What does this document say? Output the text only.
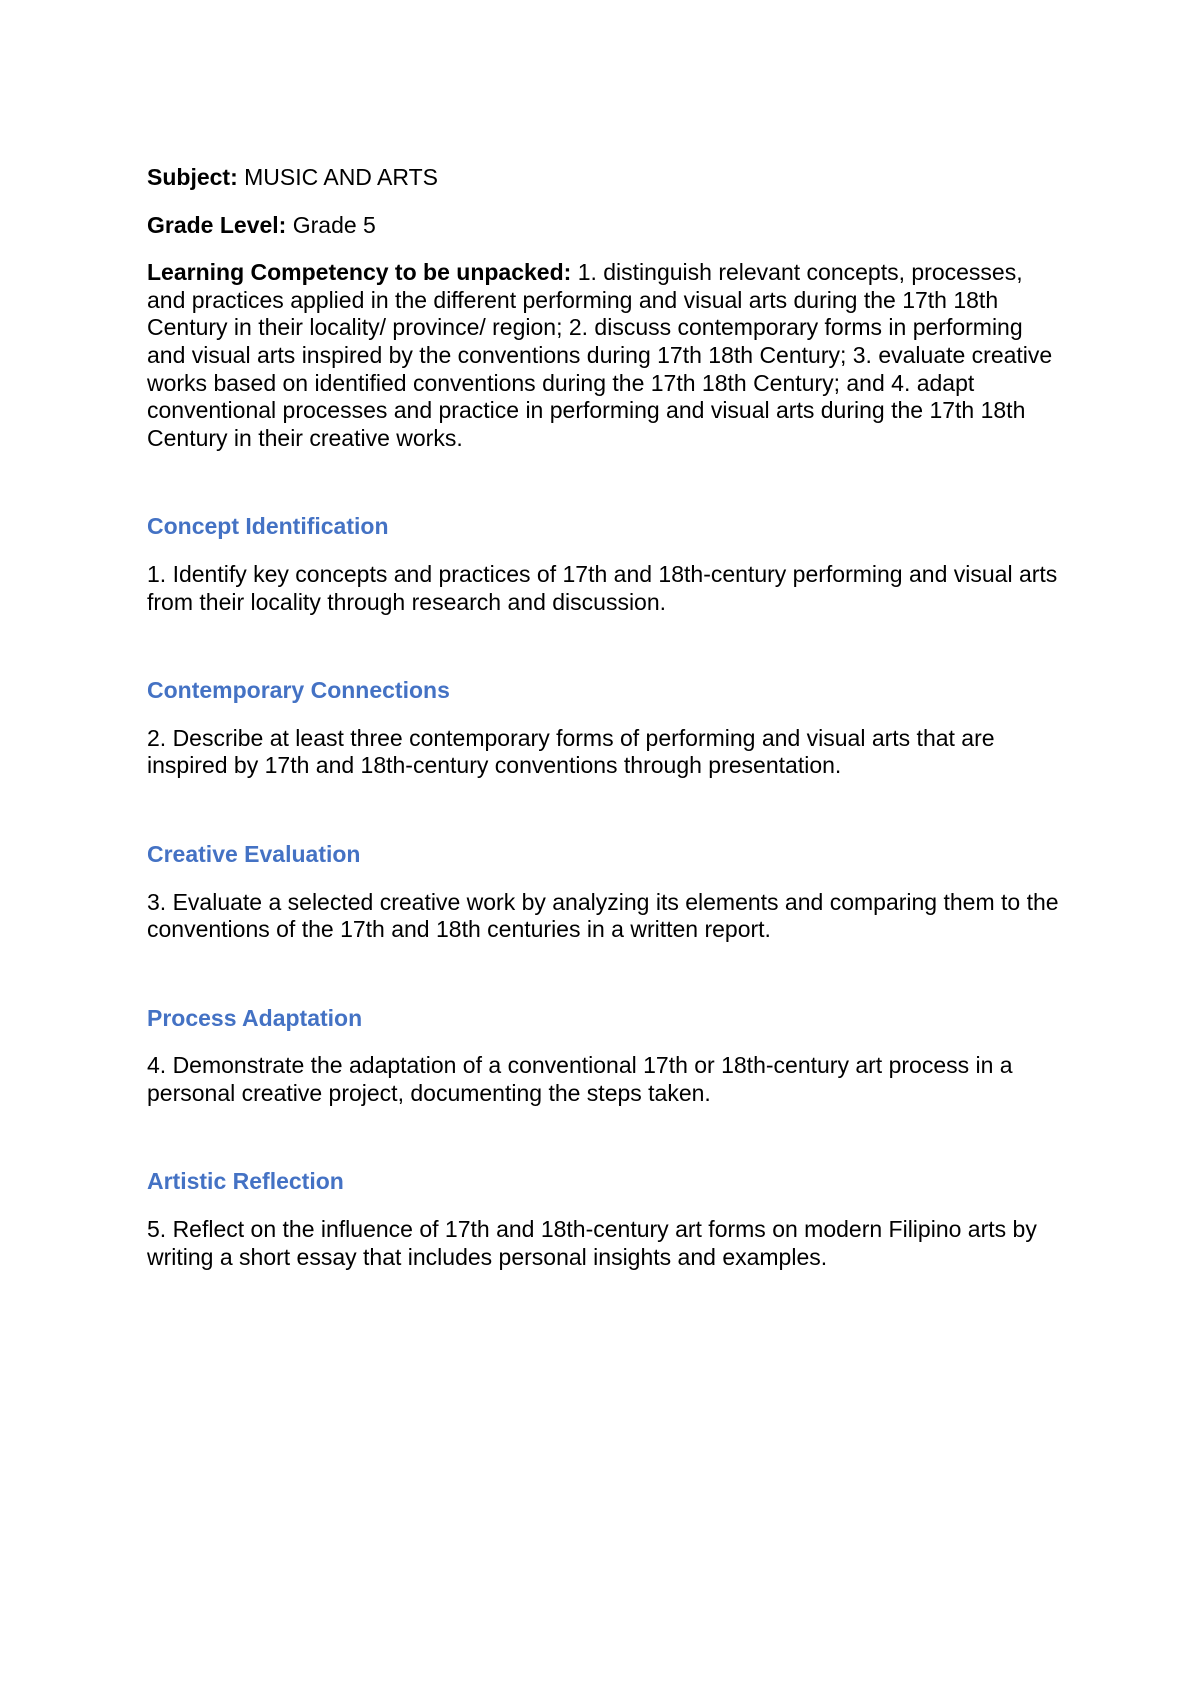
Subject: MUSIC AND ARTS

Grade Level: Grade 5

Learning Competency to be unpacked: 1. distinguish relevant concepts, processes, and practices applied in the different performing and visual arts during the 17th 18th Century in their locality/ province/ region; 2. discuss contemporary forms in performing and visual arts inspired by the conventions during 17th 18th Century; 3. evaluate creative works based on identified conventions during the 17th 18th Century; and 4. adapt conventional processes and practice in performing and visual arts during the 17th 18th Century in their creative works.

Concept Identification

1. Identify key concepts and practices of 17th and 18th-century performing and visual arts from their locality through research and discussion.

Contemporary Connections

2. Describe at least three contemporary forms of performing and visual arts that are inspired by 17th and 18th-century conventions through presentation.

Creative Evaluation

3. Evaluate a selected creative work by analyzing its elements and comparing them to the conventions of the 17th and 18th centuries in a written report.

Process Adaptation

4. Demonstrate the adaptation of a conventional 17th or 18th-century art process in a personal creative project, documenting the steps taken.

Artistic Reflection

5. Reflect on the influence of 17th and 18th-century art forms on modern Filipino arts by writing a short essay that includes personal insights and examples.
